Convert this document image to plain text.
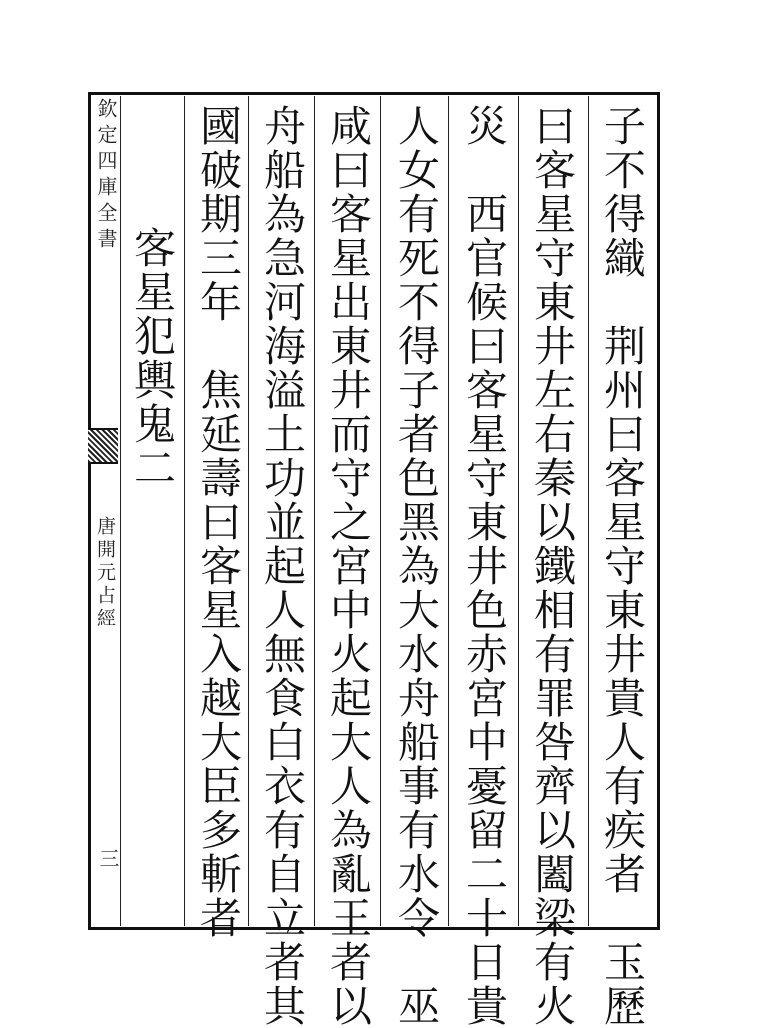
欽定四庫全書
唐開元占經
三	子不得織　荆州曰客星守東井貴人有疾者　玉歷
曰客星守東井左右秦以鐵相有罪咎齊以闔梁有火
災　西官候曰客星守東井色赤宮中憂留二十日貴
人女有死不得子者色黑為大水舟船事有水令　巫
咸曰客星出東井而守之宮中火起大人為亂王者以
舟船為急河海溢土功並起人無食白衣有自立者其
國破期三年　焦延壽曰客星入越大臣多斬者
客星犯輿鬼二
